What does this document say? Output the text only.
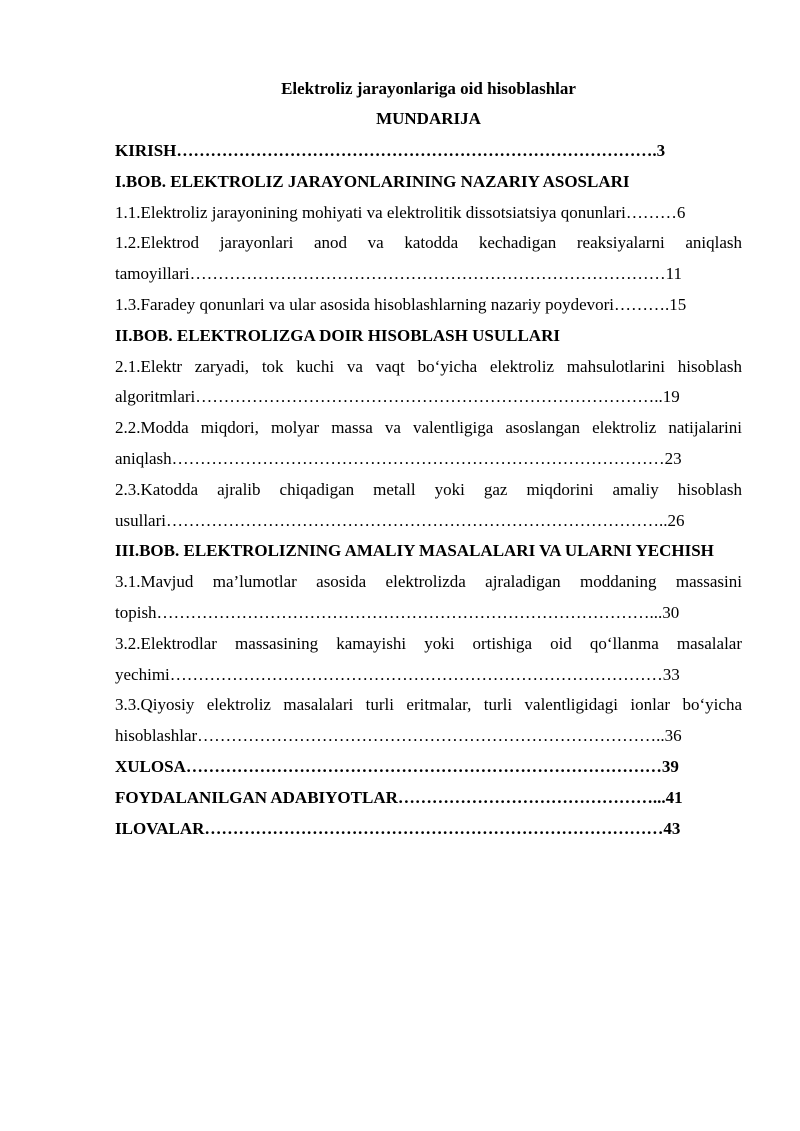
Elektroliz jarayonlariga oid hisoblashlar

MUNDARIJA

KIRISH………………………………………………………………………….3
I.BOB. ELEKTROLIZ JARAYONLARINING NAZARIY ASOSLARI
1.1.Elektroliz jarayonining mohiyati va elektrolitik dissotsiatsiya qonunlari………6
1.2.Elektrod jarayonlari anod va katodda kechadigan reaksiyalarni aniqlash tamoyillari…………………………………………………………………………11
1.3.Faradey qonunlari va ular asosida hisoblashlarning nazariy poydevori……….15
II.BOB. ELEKTROLIZGA DOIR HISOBLASH USULLARI
2.1.Elektr zaryadi, tok kuchi va vaqt bo‘yicha elektroliz mahsulotlarini hisoblash algoritmlari………………………………………………………………………..19
2.2.Modda miqdori, molyar massa va valentligiga asoslangan elektroliz natijalarini aniqlash……………………………………………………………………………23
2.3.Katodda ajralib chiqadigan metall yoki gaz miqdorini amaliy hisoblash usullari……………………………………………………………………………..26
III.BOB. ELEKTROLIZNING AMALIY MASALALARI VA ULARNI YECHISH
3.1.Mavjud ma’lumotlar asosida elektrolizda ajraladigan moddaning massasini topish……………………………………………………………………………...30
3.2.Elektrodlar massasining kamayishi yoki ortishiga oid qo‘llanma masalalar yechimi……………………………………………………………………………33
3.3.Qiyosiy elektroliz masalalari turli eritmalar, turli valentligidagi ionlar bo‘yicha hisoblashlar………………………………………………………………………..36
XULOSA…………………………………………………………………………39
FOYDALANILGAN ADABIYOTLAR………………………………………...41
ILOVALAR………………………………………………………………………43
